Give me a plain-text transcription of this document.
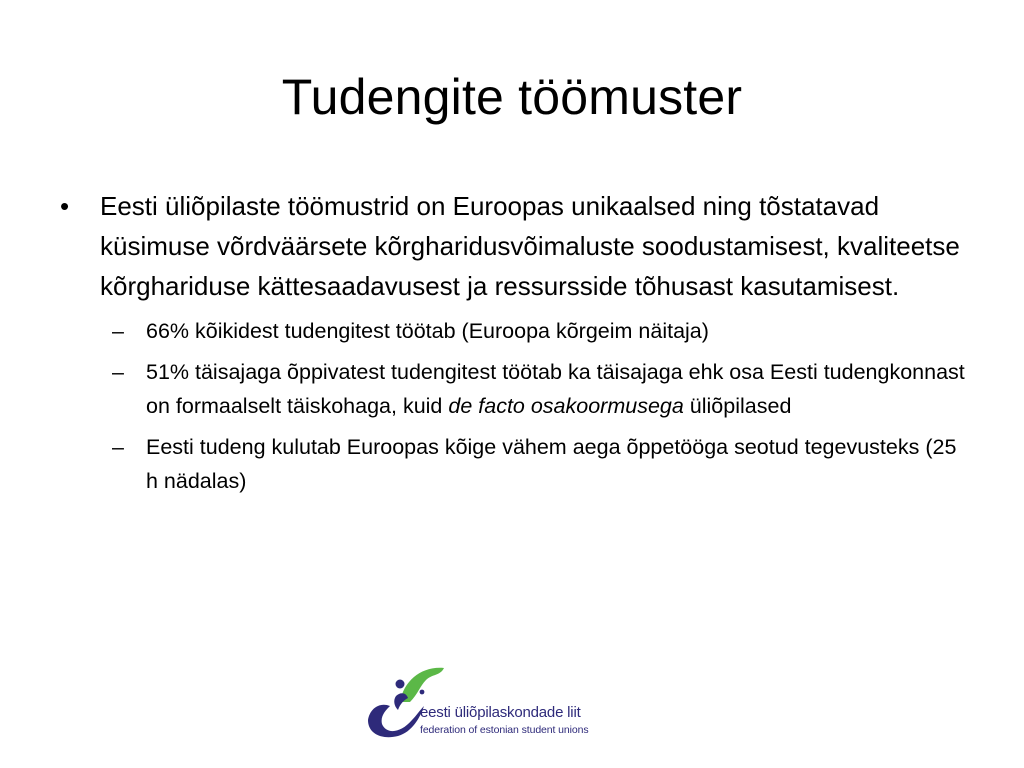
Tudengite töömuster

•	Eesti üliõpilaste töömustrid on Euroopas unikaalsed ning tõstatavad küsimuse võrdväärsete kõrgharidusvõimaluste soodustamisest, kvaliteetse kõrghariduse kättesaadavusest ja ressursside tõhusast kasutamisest.

– 66% kõikidest tudengitest töötab (Euroopa kõrgeim näitaja)

– 51% täisajaga õppivatest tudengitest töötab ka täisajaga ehk osa Eesti tudengkonnast on formaalselt täiskohaga, kuid de facto osakoormusega üliõpilased

– Eesti tudeng kulutab Euroopas kõige vähem aega õppetööga seotud tegevusteks (25 h nädalas)

eesti üliõpilaskondade liit
federation of estonian student unions
